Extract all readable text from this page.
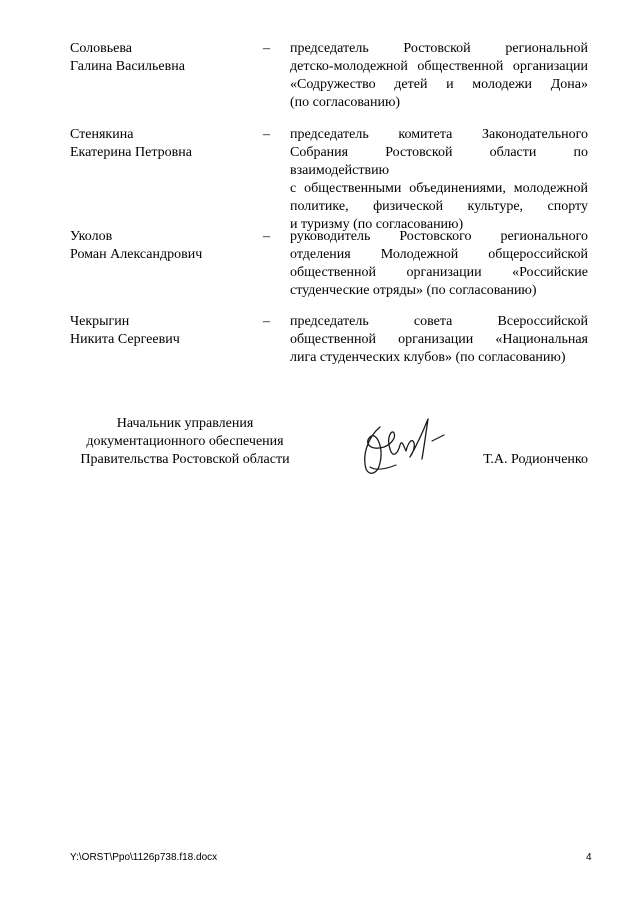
Соловьева
Галина Васильевна
– председатель Ростовской региональной
детско-молодежной общественной организации
«Содружество детей и молодежи Дона»
(по согласованию)
Стенякина
Екатерина Петровна
– председатель комитета Законодательного
Собрания Ростовской области по взаимодействию
с общественными объединениями, молодежной
политике, физической культуре, спорту
и туризму (по согласованию)
Уколов
Роман Александрович
– руководитель Ростовского регионального
отделения Молодежной общероссийской
общественной организации «Российские
студенческие отряды» (по согласованию)
Чекрыгин
Никита Сергеевич
– председатель совета Всероссийской
общественной организации «Национальная
лига студенческих клубов» (по согласованию)
Начальник управления
документационного обеспечения
Правительства Ростовской области	Т.А. Родионченко
Y:\ORST\Ppo\1126p738.f18.docx	4
